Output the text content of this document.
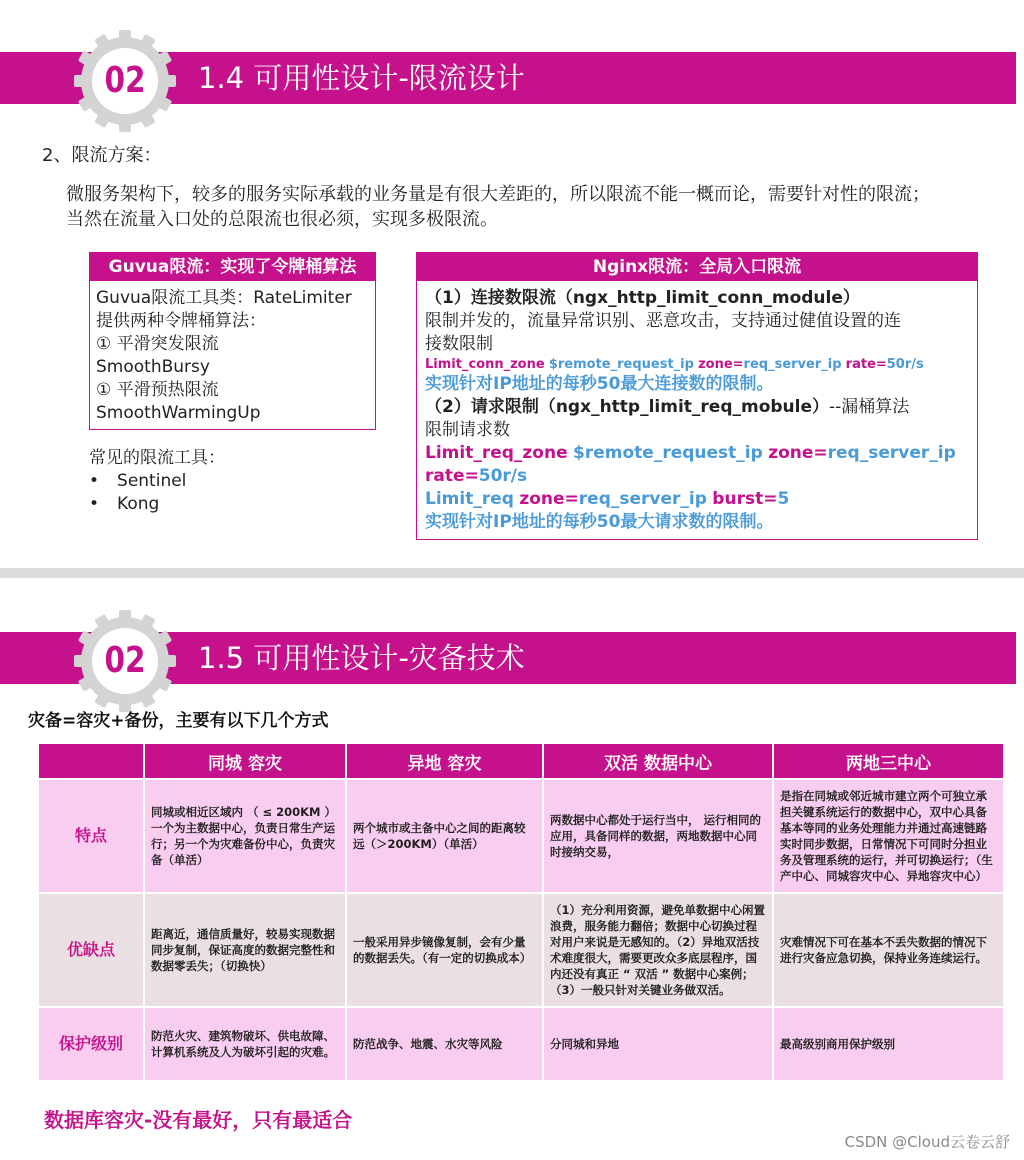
1.4 可用性设计-限流设计
02
2、限流方案：
微服务架构下，较多的服务实际承载的业务量是有很大差距的，所以限流不能一概而论，需要针对性的限流；
当然在流量入口处的总限流也很必须，实现多极限流。
Guvua限流：实现了令牌桶算法
Guvua限流工具类：RateLimiter
提供两种令牌桶算法：
① 平滑突发限流
SmoothBursy
① 平滑预热限流
SmoothWarmingUp
常见的限流工具：
• Sentinel
• Kong
Nginx限流：全局入口限流
（1）连接数限流（ngx_http_limit_conn_module）
限制并发的，流量异常识别、恶意攻击，支持通过健值设置的连
接数限制
Limit_conn_zone $remote_request_ip zone=req_server_ip rate=50r/s
实现针对IP地址的每秒50最大连接数的限制。
（2）请求限制（ngx_http_limit_req_mobule）--漏桶算法
限制请求数
Limit_req_zone $remote_request_ip zone=req_server_ip
rate=50r/s
Limit_req zone=req_server_ip burst=5
实现针对IP地址的每秒50最大请求数的限制。
1.5 可用性设计-灾备技术
02
灾备=容灾+备份，主要有以下几个方式
	同城 容灾	异地 容灾	双活 数据中心	两地三中心
特点	同城或相近区域内 （ ≤ 200KM ）一个为主数据中心，负责日常生产运行；另一个为灾难备份中心，负责灾备（单活）	两个城市或主备中心之间的距离较远（＞200KM）（单活）	两数据中心都处于运行当中， 运行相同的应用，具备同样的数据，两地数据中心同时接纳交易，	是指在同城或邻近城市建立两个可独立承担关键系统运行的数据中心，双中心具备基本等同的业务处理能力并通过高速链路实时同步数据，日常情况下可同时分担业务及管理系统的运行，并可切换运行；（生产中心、同城容灾中心、异地容灾中心）
优缺点	距离近，通信质量好，较易实现数据同步复制，保证高度的数据完整性和数据零丢失；（切换快）	一般采用异步镜像复制，会有少量的数据丢失。（有一定的切换成本）	（1）充分利用资源，避免单数据中心闲置浪费，服务能力翻倍；数据中心切换过程对用户来说是无感知的。（2）异地双活技术难度很大，需要更改众多底层程序，国内还没有真正 “ 双活 ” 数据中心案例；（3）一般只针对关键业务做双活。	灾难情况下可在基本不丢失数据的情况下进行灾备应急切换，保持业务连续运行。
保护级别	防范火灾、建筑物破坏、供电故障、计算机系统及人为破坏引起的灾难。	防范战争、地震、水灾等风险	分同城和异地	最高级别商用保护级别
数据库容灾-没有最好，只有最适合
CSDN @Cloud云卷云舒
